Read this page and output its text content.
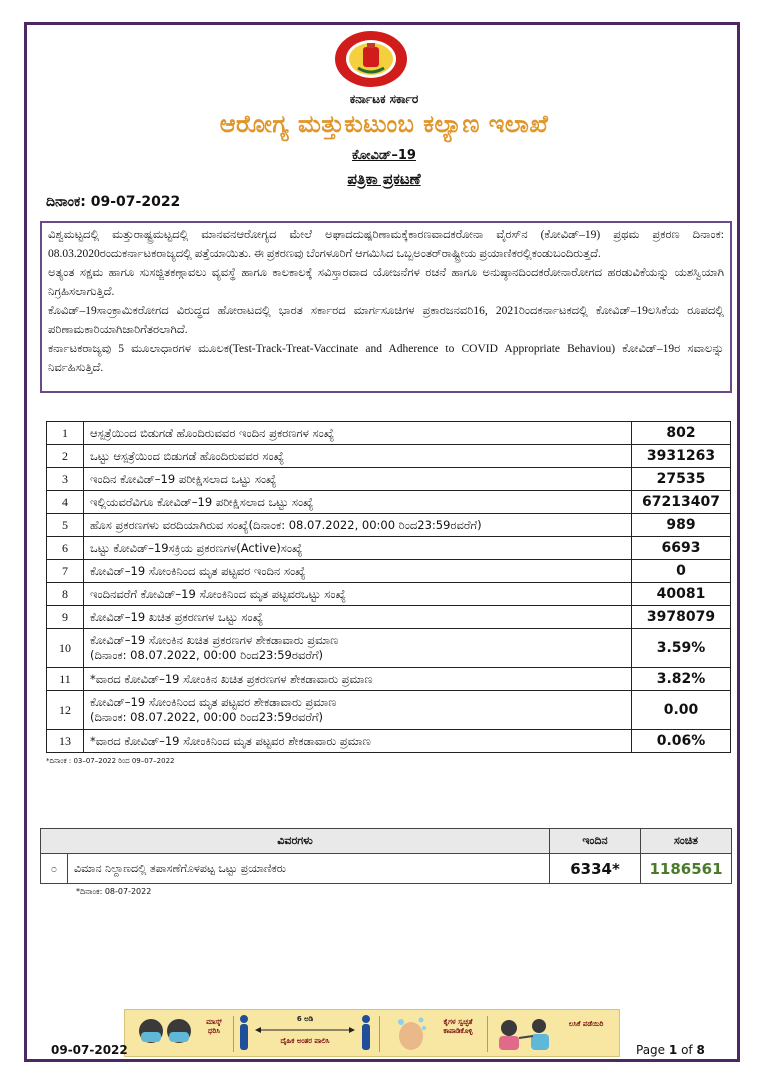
ಕರ್ನಾಟಕ ಸರ್ಕಾರ
ಆರೋಗ್ಯ ಮತ್ತುಕುಟುಂಬ ಕಲ್ಯಾಣ ಇಲಾಖೆ
ಕೋವಿಡ್–19
ಪತ್ರಿಕಾ ಪ್ರಕಟಣೆ
ದಿನಾಂಕ: 09-07-2022

ವಿಶ್ವಮಟ್ಟದಲ್ಲಿ ಮತ್ತುರಾಷ್ಟ್ರಮಟ್ಟದಲ್ಲಿ ಮಾನವನಆರೋಗ್ಯದ ಮೇಲೆ ಅಘಾದದುಷ್ಪರಿಣಾಮಕ್ಕೆಕಾರಣವಾದಕರೋನಾ ವೈರಸ್‌ನ (ಕೋವಿಡ್–19) ಪ್ರಥಮ ಪ್ರಕರಣ ದಿನಾಂಕ: 08.03.2020ರಂದುಕರ್ನಾಟಕರಾಜ್ಯದಲ್ಲಿ ಪತ್ತೆಯಾಯಿತು. ಈ ಪ್ರಕರಣವು ಬೆಂಗಳೂರಿಗೆ ಆಗಮಿಸಿದ ಒಬ್ಬಅಂತರ್‌ರಾಷ್ಟ್ರೀಯ ಪ್ರಯಾಣಿಕರಲ್ಲಿಕಂಡುಬಂದಿರುತ್ತದೆ.

ಅತ್ಯಂತ ಸಕ್ಷಮ ಹಾಗೂ ಸುಸಜ್ಜಿತಕಣ್ಗಾವಲು ವ್ಯವಸ್ಥೆ ಹಾಗೂ ಕಾಲಕಾಲಕ್ಕೆ ಸವಿಸ್ತಾರವಾದ ಯೋಜನೆಗಳ ರಚನೆ ಹಾಗೂ ಅನುಷ್ಠಾನದಿಂದಕರೋನಾರೋಗದ ಹರಡುವಿಕೆಯನ್ನು ಯಶಸ್ವಿಯಾಗಿ ನಿಗ್ರಹಿಸಲಾಗುತ್ತಿದೆ.

ಕೊವಿಡ್–19ಸಾಂಕ್ರಾಮಿಕರೋಗದ ವಿರುದ್ಧದ ಹೋರಾಟದಲ್ಲಿ ಭಾರತ ಸರ್ಕಾರದ ಮಾರ್ಗಸೂಚಿಗಳ ಪ್ರಕಾರಜನವರಿ16, 2021ರಿಂದಕರ್ನಾಟಕದಲ್ಲಿ ಕೋವಿಡ್–19ಲಸಿಕೆಯ ರೂಪದಲ್ಲಿ ಪರಿಣಾಮಕಾರಿಯಾಗಿಜಾರಿಗೆತರಲಾಗಿದೆ.

ಕರ್ನಾಟಕರಾಜ್ಯವು 5 ಮೂಲಾಧಾರಗಳ ಮೂಲಕ(Test-Track-Treat-Vaccinate and Adherence to COVID Appropriate Behaviou) ಕೋವಿಡ್–19ರ ಸವಾಲನ್ನು ನಿರ್ವಹಿಸುತ್ತಿದೆ.

1	ಆಸ್ಪತ್ರೆಯಿಂದ ಬಿಡುಗಡೆ ಹೊಂದಿರುವವರ ಇಂದಿನ ಪ್ರಕರಣಗಳ ಸಂಖ್ಯೆ	802
2	ಒಟ್ಟು ಆಸ್ಪತ್ರೆಯಿಂದ ಬಿಡುಗಡೆ ಹೊಂದಿರುವವರ ಸಂಖ್ಯೆ	3931263
3	ಇಂದಿನ ಕೋವಿಡ್–19 ಪರೀಕ್ಷಿಸಲಾದ ಒಟ್ಟು ಸಂಖ್ಯೆ	27535
4	ಇಲ್ಲಿಯವರೆವಿಗೂ ಕೋವಿಡ್–19 ಪರೀಕ್ಷಿಸಲಾದ ಒಟ್ಟು ಸಂಖ್ಯೆ	67213407
5	ಹೊಸ ಪ್ರಕರಣಗಳು ವರದಿಯಾಗಿರುವ ಸಂಖ್ಯೆ(ದಿನಾಂಕ: 08.07.2022, 00:00 ರಿಂದ23:59ರವರೆಗೆ)	989
6	ಒಟ್ಟು ಕೋವಿಡ್–19ಸಕ್ರಿಯ ಪ್ರಕರಣಗಳ(Active)ಸಂಖ್ಯೆ	6693
7	ಕೋವಿಡ್–19 ಸೋಂಕಿನಿಂದ ಮೃತ ಪಟ್ಟವರ ಇಂದಿನ ಸಂಖ್ಯೆ	0
8	ಇಂದಿನವರೆಗೆ ಕೋವಿಡ್–19 ಸೋಂಕಿನಿಂದ ಮೃತ ಪಟ್ಟವರಒಟ್ಟು ಸಂಖ್ಯೆ	40081
9	ಕೋವಿಡ್–19 ಖಚಿತ ಪ್ರಕರಣಗಳ ಒಟ್ಟು ಸಂಖ್ಯೆ	3978079
10	ಕೋವಿಡ್–19 ಸೋಂಕಿನ ಖಚಿತ ಪ್ರಕರಣಗಳ ಶೇಕಡಾವಾರು ಪ್ರಮಾಣ
(ದಿನಾಂಕ: 08.07.2022, 00:00 ರಿಂದ23:59ರವರೆಗೆ)	3.59%
11	*ವಾರದ ಕೋವಿಡ್–19 ಸೋಂಕಿನ ಖಚಿತ ಪ್ರಕರಣಗಳ ಶೇಕಡಾವಾರು ಪ್ರಮಾಣ	3.82%
12	ಕೋವಿಡ್–19 ಸೋಂಕಿನಿಂದ ಮೃತ ಪಟ್ಟವರ ಶೇಕಡಾವಾರು ಪ್ರಮಾಣ
(ದಿನಾಂಕ: 08.07.2022, 00:00 ರಿಂದ23:59ರವರೆಗೆ)	0.00
13	*ವಾರದ ಕೋವಿಡ್–19 ಸೋಂಕಿನಿಂದ ಮೃತ ಪಟ್ಟವರ ಶೇಕಡಾವಾರು ಪ್ರಮಾಣ	0.06%
*ದಿನಾಂಕ : 03–07–2022 ರಿಂದ 09–07–2022
ವಿವರಗಳು		ಇಂದಿನ	ಸಂಚಿತ
೦	ವಿಮಾನ ನಿಲ್ದಾಣದಲ್ಲಿ ತಪಾಸಣೆಗೊಳಪಟ್ಟ ಒಟ್ಟು ಪ್ರಯಾಣಿಕರು	6334*	1186561
*ದಿನಾಂಕ: 08-07-2022
ಮಾಸ್ಕ್ ಧರಿಸಿ
6 ಅಡಿ
ದೈಹಿಕ ಅಂತರ ಪಾಲಿಸಿ
ಕೈಗಳ ಸ್ವಚ್ಛತೆ ಕಾಪಾಡಿಕೊಳ್ಳಿ
ಲಸಿಕೆ ಪಡೆಯಿರಿ
09-07-2022	Page 1 of 8
